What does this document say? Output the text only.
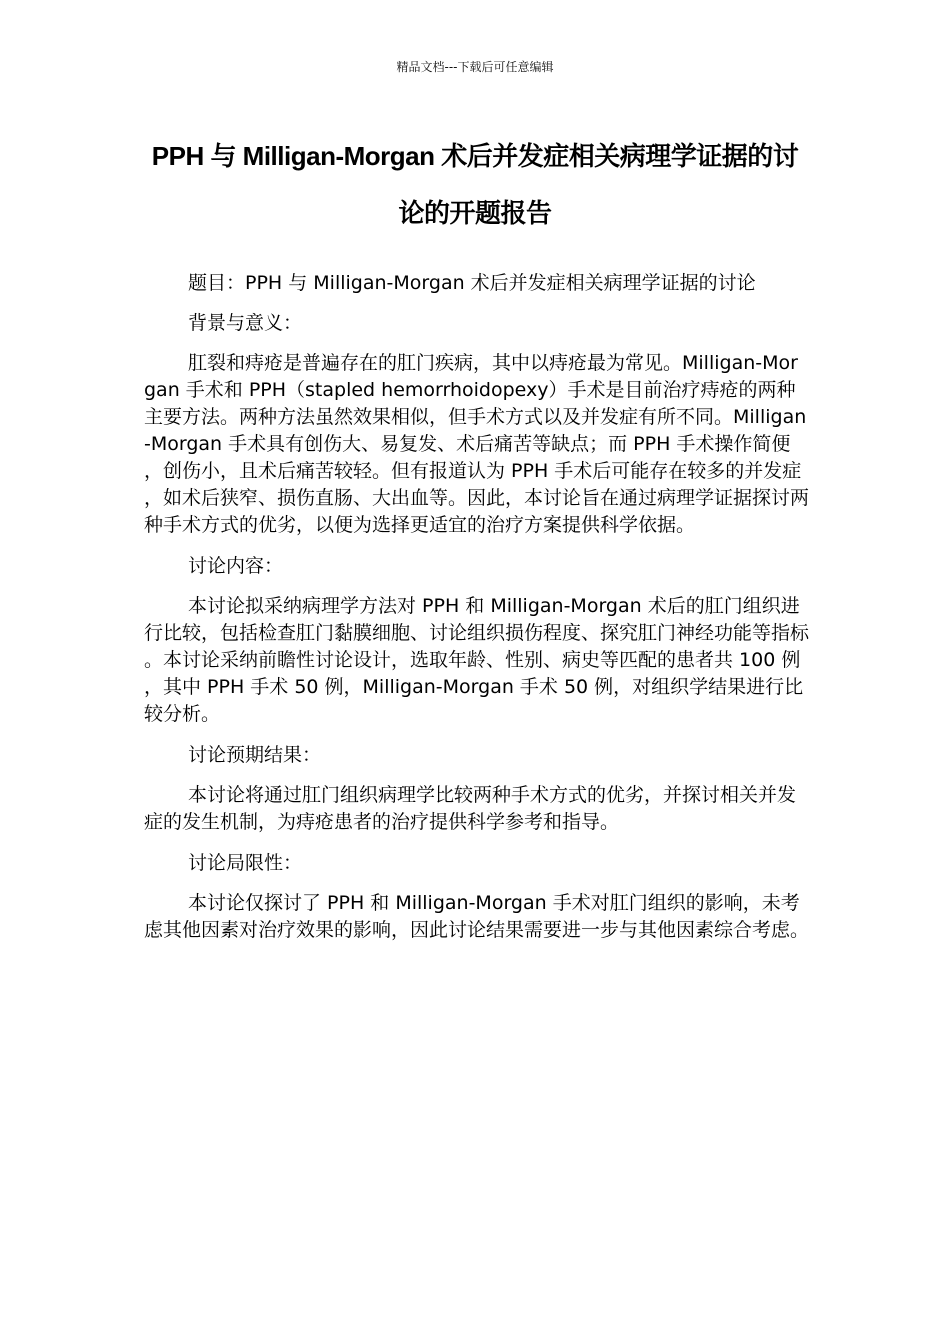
精品文档---下载后可任意编辑
PPH 与 Milligan-Morgan 术后并发症相关病理学证据的讨论的开题报告

题目：PPH 与 Milligan-Morgan 术后并发症相关病理学证据的讨论

背景与意义：

肛裂和痔疮是普遍存在的肛门疾病，其中以痔疮最为常见。Milligan-Morgan 手术和 PPH（stapled hemorrhoidopexy）手术是目前治疗痔疮的两种主要方法。两种方法虽然效果相似，但手术方式以及并发症有所不同。Milligan-Morgan 手术具有创伤大、易复发、术后痛苦等缺点；而 PPH 手术操作简便，创伤小，且术后痛苦较轻。但有报道认为 PPH 手术后可能存在较多的并发症，如术后狭窄、损伤直肠、大出血等。因此，本讨论旨在通过病理学证据探讨两种手术方式的优劣，以便为选择更适宜的治疗方案提供科学依据。

讨论内容：

本讨论拟采纳病理学方法对 PPH 和 Milligan-Morgan 术后的肛门组织进行比较，包括检查肛门黏膜细胞、讨论组织损伤程度、探究肛门神经功能等指标。本讨论采纳前瞻性讨论设计，选取年龄、性别、病史等匹配的患者共 100 例，其中 PPH 手术 50 例，Milligan-Morgan 手术 50 例，对组织学结果进行比较分析。

讨论预期结果：

本讨论将通过肛门组织病理学比较两种手术方式的优劣，并探讨相关并发症的发生机制，为痔疮患者的治疗提供科学参考和指导。

讨论局限性：

本讨论仅探讨了 PPH 和 Milligan-Morgan 手术对肛门组织的影响，未考虑其他因素对治疗效果的影响，因此讨论结果需要进一步与其他因素综合考虑。
